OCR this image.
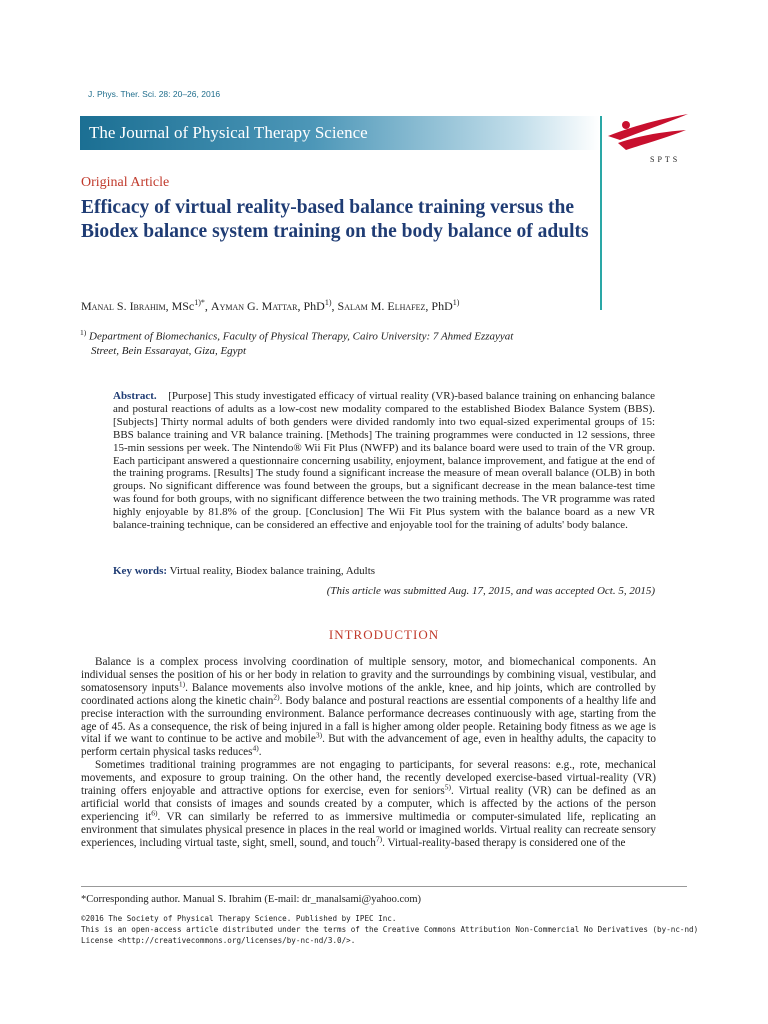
J. Phys. Ther. Sci. 28: 20–26, 2016
The Journal of Physical Therapy Science
SPTS
Original Article
Efficacy of virtual reality-based balance training versus the Biodex balance system training on the body balance of adults
Manal S. Ibrahim, MSc$^{1)*}$, Ayman G. Mattar, PhD$^{1)}$, Salam M. Elhafez, PhD$^{1)}$
$^{1)}$ Department of Biomechanics, Faculty of Physical Therapy, Cairo University: 7 Ahmed Ezzayyat
Street, Bein Essarayat, Giza, Egypt
Abstract. [Purpose] This study investigated efficacy of virtual reality (VR)-based balance training on enhancing balance and postural reactions of adults as a low-cost new modality compared to the established Biodex Balance System (BBS). [Subjects] Thirty normal adults of both genders were divided randomly into two equal-sized experimental groups of 15: BBS balance training and VR balance training. [Methods] The training programmes were conducted in 12 sessions, three 15-min sessions per week. The Nintendo® Wii Fit Plus (NWFP) and its balance board were used to train of the VR group. Each participant answered a questionnaire concerning usability, enjoyment, balance improvement, and fatigue at the end of the training programs. [Results] The study found a significant increase the measure of mean overall balance (OLB) in both groups. No significant difference was found between the groups, but a significant decrease in the mean balance-test time was found for both groups, with no significant difference between the two training methods. The VR programme was rated highly enjoyable by 81.8% of the group. [Conclusion] The Wii Fit Plus system with the balance board as a new VR balance-training technique, can be considered an effective and enjoyable tool for the training of adults' body balance.
Key words: Virtual reality, Biodex balance training, Adults
(This article was submitted Aug. 17, 2015, and was accepted Oct. 5, 2015)
INTRODUCTION

Balance is a complex process involving coordination of multiple sensory, motor, and biomechanical components. An individual senses the position of his or her body in relation to gravity and the surroundings by combining visual, vestibular, and somatosensory inputs$^{1)}$. Balance movements also involve motions of the ankle, knee, and hip joints, which are controlled by coordinated actions along the kinetic chain$^{2)}$. Body balance and postural reactions are essential components of a healthy life and precise interaction with the surrounding environment. Balance performance decreases continuously with age, starting from the age of 45. As a consequence, the risk of being injured in a fall is higher among older people. Retaining body fitness as we age is vital if we want to continue to be active and mobile$^{3)}$. But with the advancement of age, even in healthy adults, the capacity to perform certain physical tasks reduces$^{4)}$.

Sometimes traditional training programmes are not engaging to participants, for several reasons: e.g., rote, mechanical movements, and exposure to group training. On the other hand, the recently developed exercise-based virtual-reality (VR) training offers enjoyable and attractive options for exercise, even for seniors$^{5)}$. Virtual reality (VR) can be defined as an artificial world that consists of images and sounds created by a computer, which is affected by the actions of the person experiencing $it^{6)}$. VR can similarly be referred to as immersive multimedia or computer-simulated life, replicating an environment that simulates physical presence in places in the real world or imagined worlds. Virtual reality can recreate sensory experiences, including virtual taste, sight, smell, sound, and touch$^{7)}$. Virtual-reality-based therapy is considered one of the

*Corresponding author. Manual S. Ibrahim (E-mail: dr_manalsami@yahoo.com)
©2016 The Society of Physical Therapy Science. Published by IPEC Inc.
This is an open-access article distributed under the terms of the Creative Commons Attribution Non-Commercial No Derivatives (by-nc-nd)
License <http://creativecommons.org/licenses/by-nc-nd/3.0/>.
